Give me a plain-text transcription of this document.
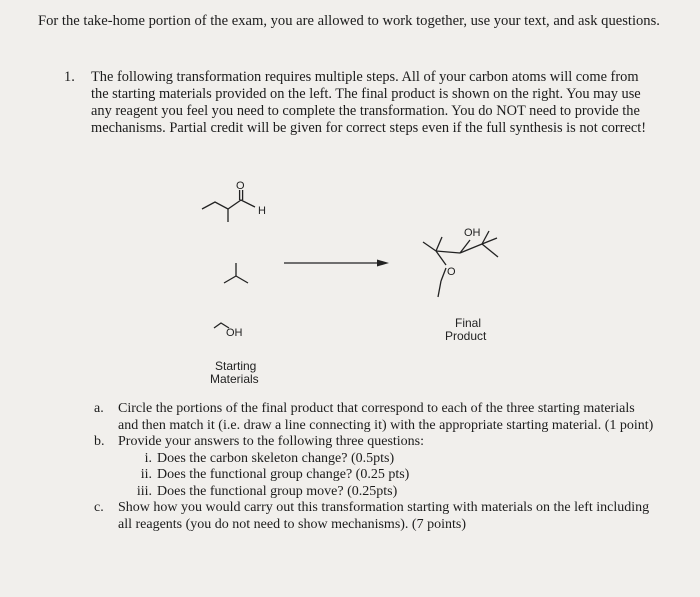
For the take-home portion of the exam, you are allowed to work together, use your text, and ask questions.
1. The following transformation requires multiple steps. All of your carbon atoms will come from the starting materials provided on the left. The final product is shown on the right. You may use any reagent you feel you need to complete the transformation. You do NOT need to provide the mechanisms. Partial credit will be given for correct steps even if the full synthesis is not correct!
O
H
OH
Starting
Materials
OH
O
Final
Product
a. Circle the portions of the final product that correspond to each of the three starting materials and then match it (i.e. draw a line connecting it) with the appropriate starting material. (1 point)
b. Provide your answers to the following three questions:
i. Does the carbon skeleton change? (0.5pts)
ii. Does the functional group change? (0.25 pts)
iii. Does the functional group move? (0.25pts)
c. Show how you would carry out this transformation starting with materials on the left including all reagents (you do not need to show mechanisms). (7 points)
